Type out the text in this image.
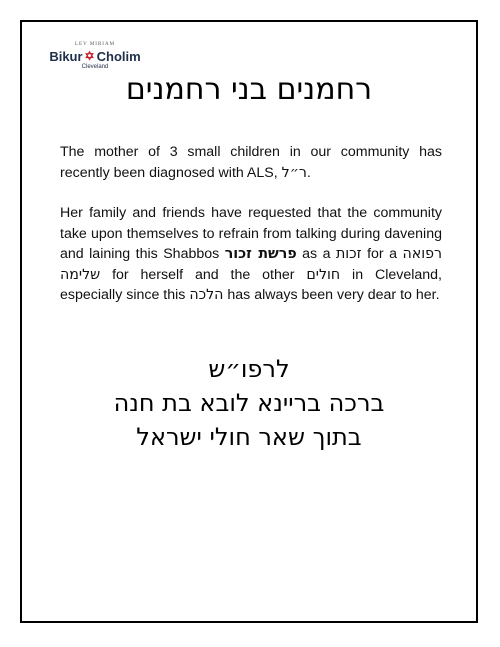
LEV MIRIAM
Bikur ✡ Cholim
Cleveland
רחמנים בני רחמנים

The mother of 3 small children in our community has recently been diagnosed with ALS, ר״ל.

Her family and friends have requested that the community take upon themselves to refrain from talking during davening and laining this Shabbos פרשת זכור as a זכות for a רפואה שלימה for herself and the other חולים in Cleveland, especially since this הלכה has always been very dear to her.

לרפו״ש
ברכה בריינא לובא בת חנה
בתוך שאר חולי ישראל
